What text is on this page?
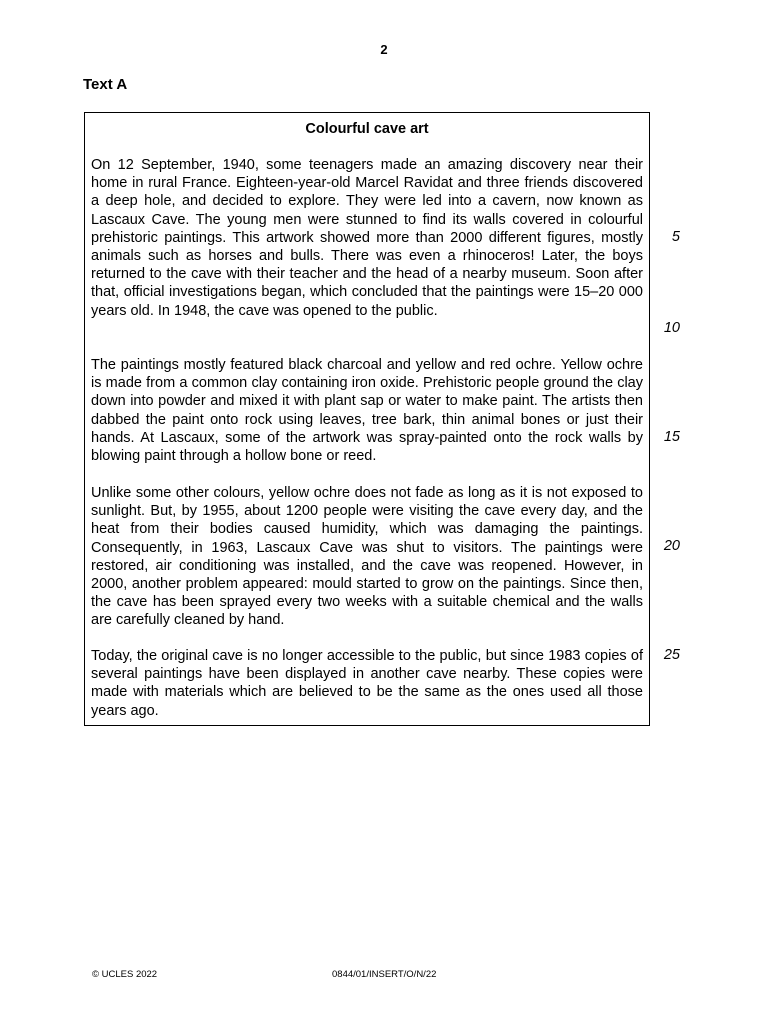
2
Text A
Colourful cave art

On 12 September, 1940, some teenagers made an amazing discovery near their home in rural France. Eighteen-year-old Marcel Ravidat and three friends discovered a deep hole, and decided to explore. They were led into a cavern, now known as Lascaux Cave. The young men were stunned to find its walls covered in colourful prehistoric paintings. This artwork showed more than 2000 different figures, mostly animals such as horses and bulls. There was even a rhinoceros! Later, the boys returned to the cave with their teacher and the head of a nearby museum. Soon after that, official investigations began, which concluded that the paintings were 15–20 000 years old. In 1948, the cave was opened to the public.

The paintings mostly featured black charcoal and yellow and red ochre. Yellow ochre is made from a common clay containing iron oxide. Prehistoric people ground the clay down into powder and mixed it with plant sap or water to make paint. The artists then dabbed the paint onto rock using leaves, tree bark, thin animal bones or just their hands. At Lascaux, some of the artwork was spray-painted onto the rock walls by blowing paint through a hollow bone or reed.

Unlike some other colours, yellow ochre does not fade as long as it is not exposed to sunlight. But, by 1955, about 1200 people were visiting the cave every day, and the heat from their bodies caused humidity, which was damaging the paintings. Consequently, in 1963, Lascaux Cave was shut to visitors. The paintings were restored, air conditioning was installed, and the cave was reopened. However, in 2000, another problem appeared: mould started to grow on the paintings. Since then, the cave has been sprayed every two weeks with a suitable chemical and the walls are carefully cleaned by hand.

Today, the original cave is no longer accessible to the public, but since 1983 copies of several paintings have been displayed in another cave nearby. These copies were made with materials which are believed to be the same as the ones used all those years ago.

5
10
15
20
25
© UCLES 2022	0844/01/INSERT/O/N/22
